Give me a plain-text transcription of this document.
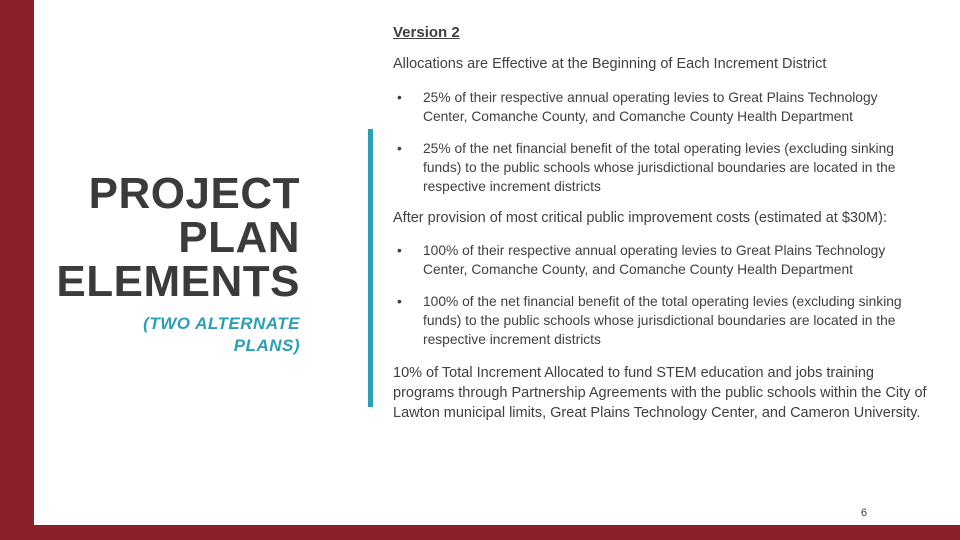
PROJECT PLAN ELEMENTS
(TWO ALTERNATE PLANS)
Version 2
Allocations are Effective at the Beginning of Each Increment District
•
25% of their respective annual operating levies to Great Plains Technology Center, Comanche County, and Comanche County Health Department
•
25% of the net financial benefit of the total operating levies (excluding sinking funds) to the public schools whose jurisdictional boundaries are located in the respective increment districts
After provision of most critical public improvement costs (estimated at $30M):
•
100% of their respective annual operating levies to Great Plains Technology Center, Comanche County, and Comanche County Health Department
•
100% of the net financial benefit of the total operating levies (excluding sinking funds) to the public schools whose jurisdictional boundaries are located in the respective increment districts
10% of Total Increment Allocated to fund STEM education and jobs training programs through Partnership Agreements with the public schools within the City of Lawton municipal limits, Great Plains Technology Center, and Cameron University.
6
